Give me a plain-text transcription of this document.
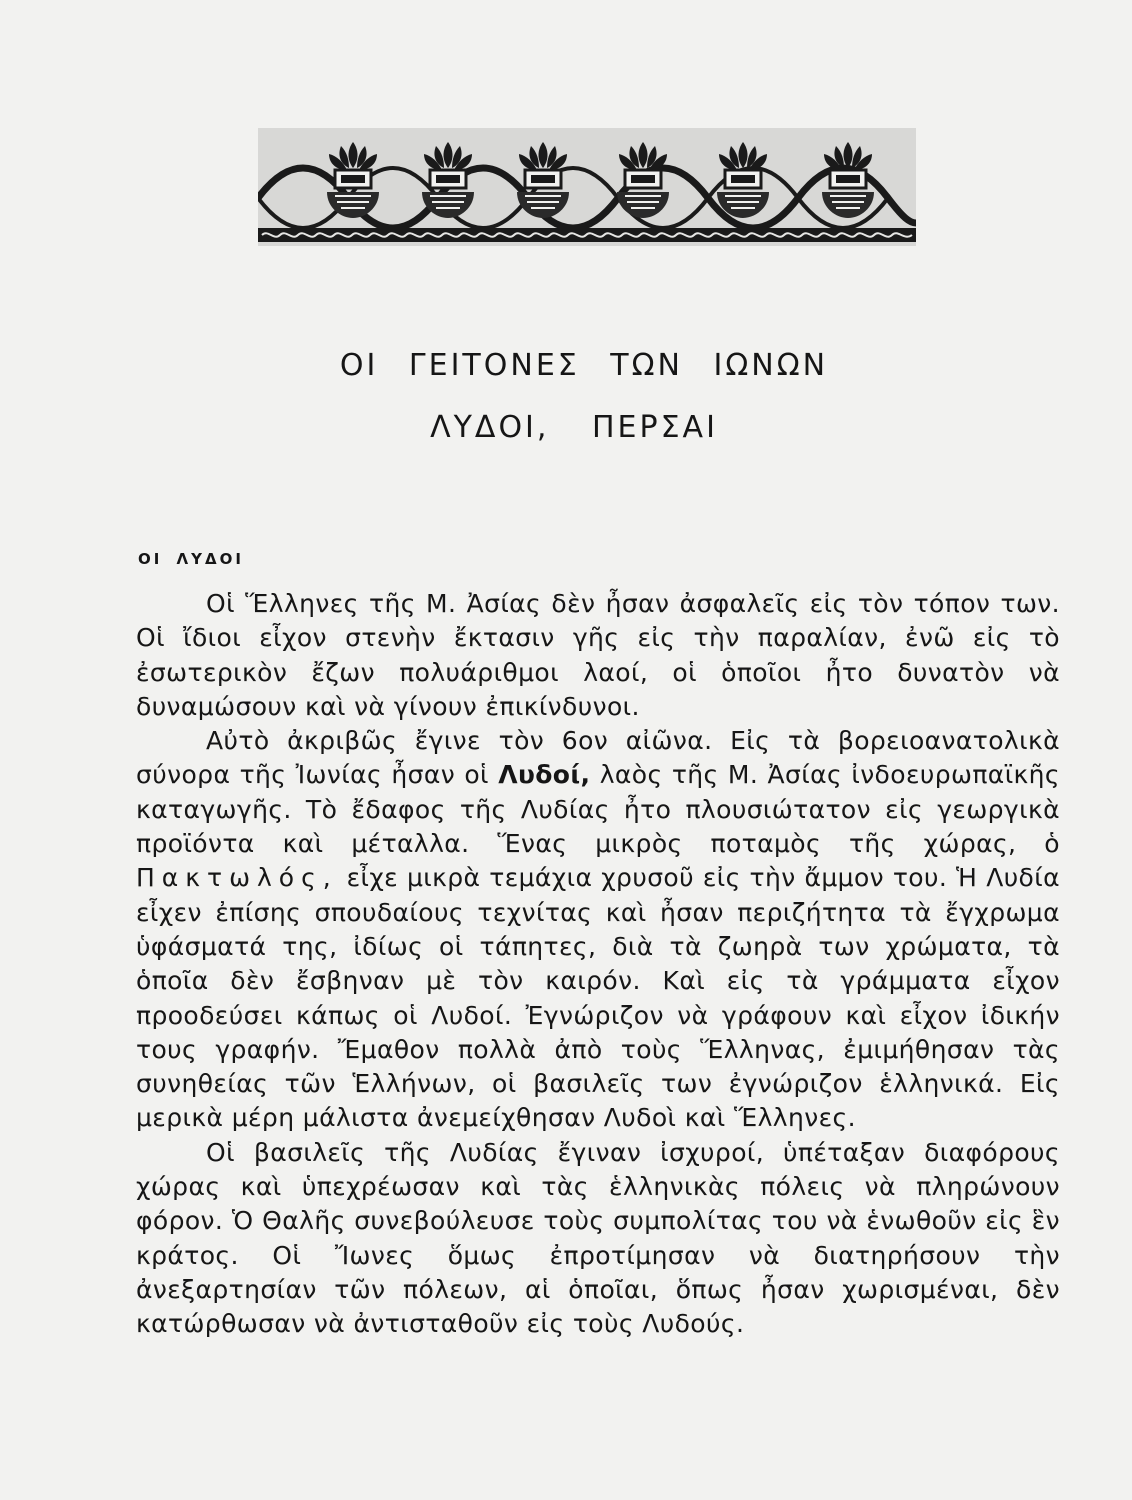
ΟΙ ΓΕΙΤΟΝΕΣ ΤΩΝ ΙΩΝΩΝ
ΛΥΔΟΙ, ΠΕΡΣΑΙ
ΟΙ ΛΥΔΟΙ

Οἱ Ἕλληνες τῆς Μ. Ἀσίας δὲν ἦσαν ἀσφαλεῖς εἰς τὸν τόπον των. Οἱ ἴδιοι εἶχον στενὴν ἔκτασιν γῆς εἰς τὴν παραλίαν, ἐνῶ εἰς τὸ ἐσωτερικὸν ἔζων πολυάριθμοι λαοί, οἱ ὁποῖοι ἦτο δυνατὸν νὰ δυναμώσουν καὶ νὰ γίνουν ἐπικίνδυνοι.

Αὐτὸ ἀκριβῶς ἔγινε τὸν 6ον αἰῶνα. Εἰς τὰ βορειοανατολικὰ σύνορα τῆς Ἰωνίας ἦσαν οἱ Λυδοί, λαὸς τῆς Μ. Ἀσίας ἰνδοευρωπαϊκῆς καταγωγῆς. Τὸ ἔδαφος τῆς Λυδίας ἦτο πλουσιώτατον εἰς γεωργικὰ προϊόντα καὶ μέταλλα. Ἕνας μικρὸς ποταμὸς τῆς χώρας, ὁ Πακτωλός, εἶχε μικρὰ τεμάχια χρυσοῦ εἰς τὴν ἄμμον του. Ἡ Λυδία εἶχεν ἐπίσης σπουδαίους τεχνίτας καὶ ἦσαν περιζήτητα τὰ ἔγχρωμα ὑφάσματά της, ἰδίως οἱ τάπητες, διὰ τὰ ζωηρὰ των χρώματα, τὰ ὁποῖα δὲν ἔσβηναν μὲ τὸν καιρόν. Καὶ εἰς τὰ γράμματα εἶχον προοδεύσει κάπως οἱ Λυδοί. Ἐγνώριζον νὰ γράφουν καὶ εἶχον ἰδικήν τους γραφήν. Ἔμαθον πολλὰ ἀπὸ τοὺς Ἕλληνας, ἐμιμήθησαν τὰς συνηθείας τῶν Ἑλλήνων, οἱ βασιλεῖς των ἐγνώριζον ἑλληνικά. Εἰς μερικὰ μέρη μάλιστα ἀνεμείχθησαν Λυδοὶ καὶ Ἕλληνες.

Οἱ βασιλεῖς τῆς Λυδίας ἔγιναν ἰσχυροί, ὑπέταξαν διαφόρους χώρας καὶ ὑπεχρέωσαν καὶ τὰς ἑλληνικὰς πόλεις νὰ πληρώνουν φόρον. Ὁ Θαλῆς συνεβούλευσε τοὺς συμπολίτας του νὰ ἑνωθοῦν εἰς ἓν κράτος. Οἱ Ἴωνες ὅμως ἐπροτίμησαν νὰ διατηρήσουν τὴν ἀνεξαρτησίαν τῶν πόλεων, αἱ ὁποῖαι, ὅπως ἦσαν χωρισμέναι, δὲν κατώρθωσαν νὰ ἀντισταθοῦν εἰς τοὺς Λυδούς.
